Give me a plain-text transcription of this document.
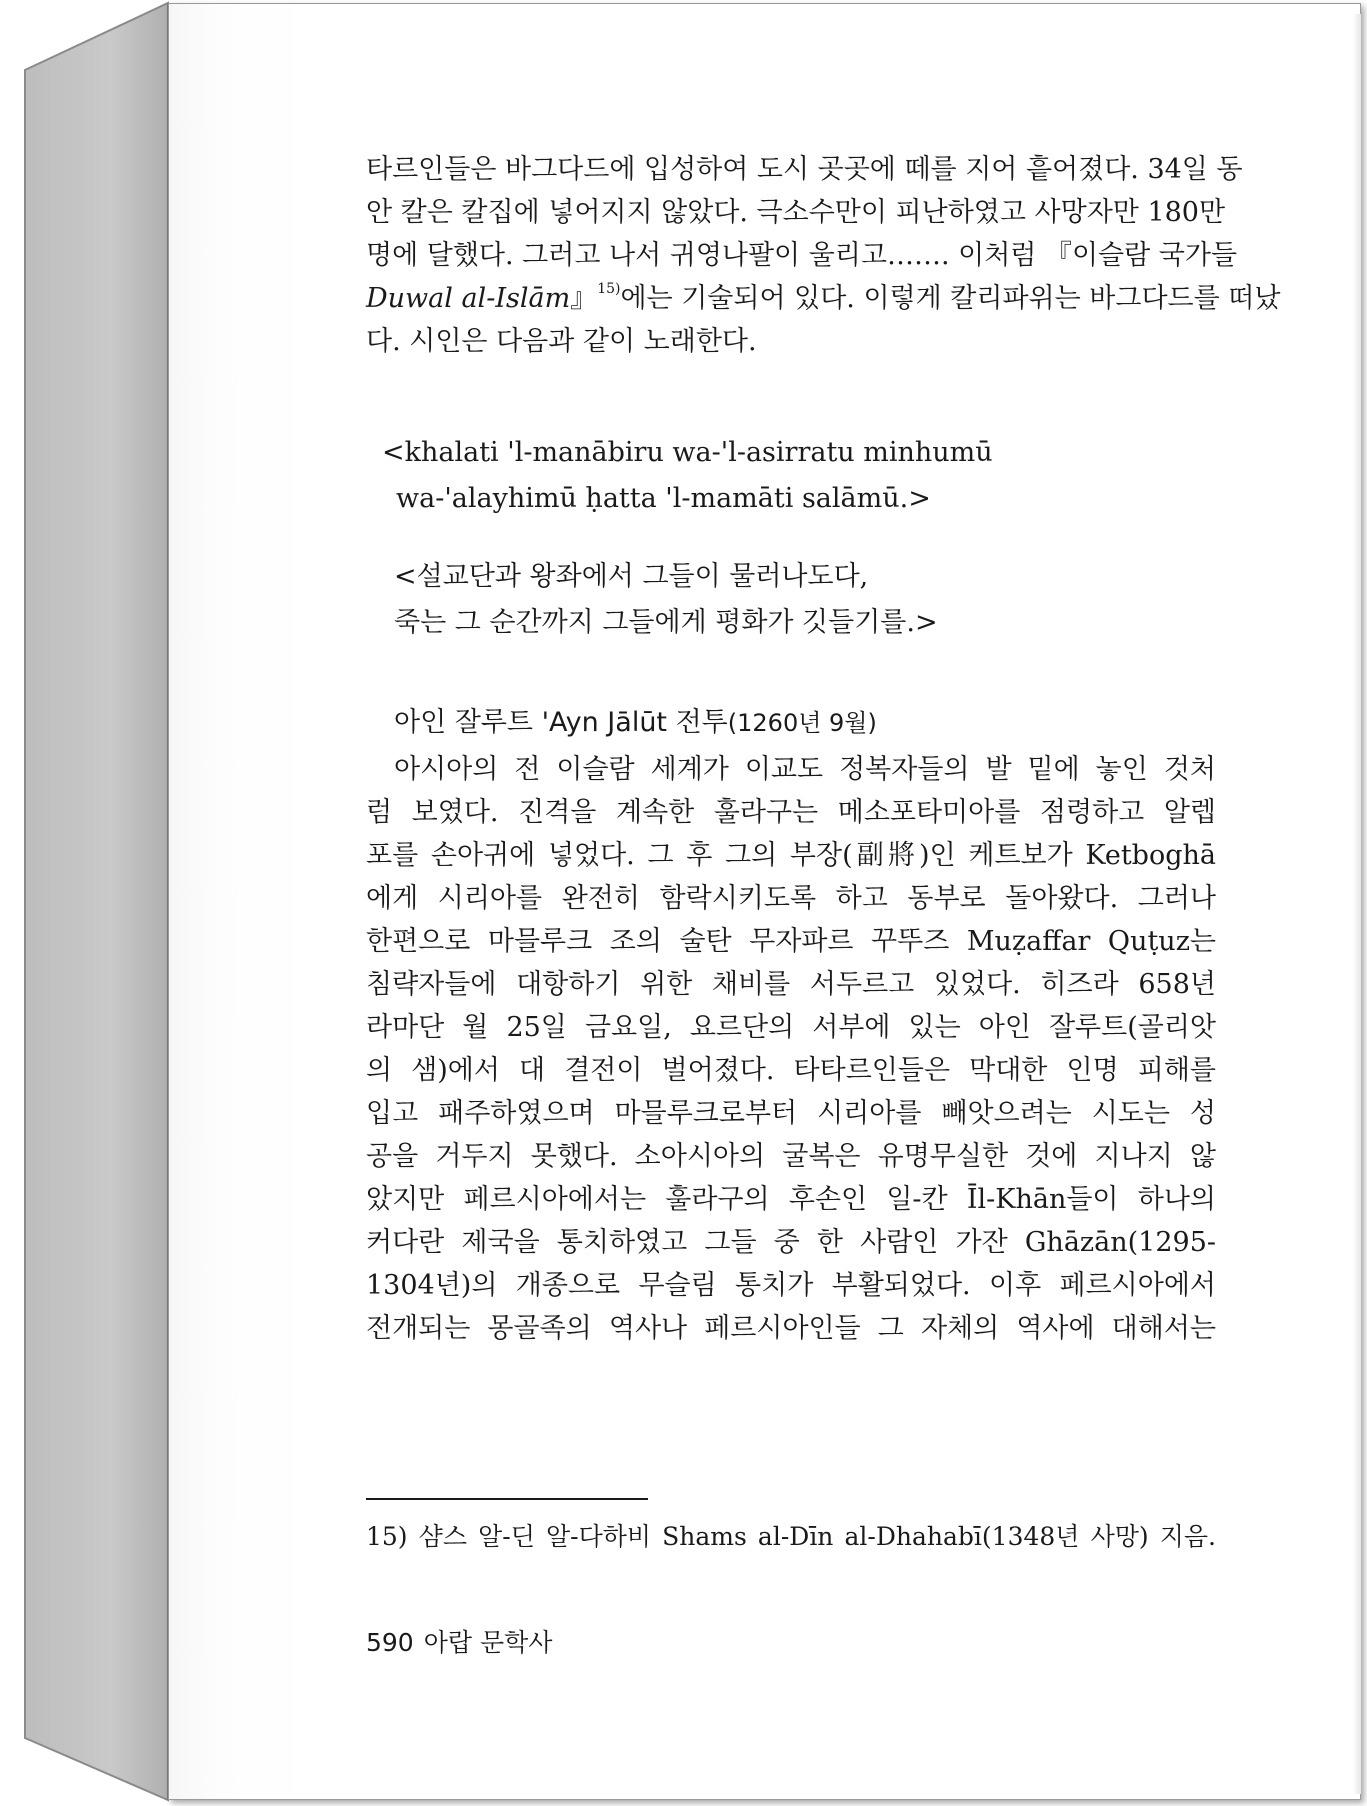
타르인들은 바그다드에 입성하여 도시 곳곳에 떼를 지어 흩어졌다. 34일 동
안 칼은 칼집에 넣어지지 않았다. 극소수만이 피난하였고 사망자만 180만
명에 달했다. 그러고 나서 귀영나팔이 울리고……. 이처럼 『이슬람 국가들
Duwal al-Islām』$^{15)}$에는 기술되어 있다. 이렇게 칼리파위는 바그다드를 떠났
다. 시인은 다음과 같이 노래한다.
<khalati 'l-manābiru wa-'l-asirratu minhumū
wa-'alayhimū ḥatta 'l-mamāti salāmū.>
<설교단과 왕좌에서 그들이 물러나도다,
죽는 그 순간까지 그들에게 평화가 깃들기를.>
아인 잘루트 'Ayn Jālūt 전투(1260년 9월)
아시아의 전 이슬람 세계가 이교도 정복자들의 발 밑에 놓인 것처
럼 보였다. 진격을 계속한 훌라구는 메소포타미아를 점령하고 알렙
포를 손아귀에 넣었다. 그 후 그의 부장(副將)인 케트보가 Ketboghā
에게 시리아를 완전히 함락시키도록 하고 동부로 돌아왔다. 그러나
한편으로 마믈루크 조의 술탄 무자파르 꾸뚜즈 Muẓaffar Quṭuz는
침략자들에 대항하기 위한 채비를 서두르고 있었다. 히즈라 658년
라마단 월 25일 금요일, 요르단의 서부에 있는 아인 잘루트(골리앗
의 샘)에서 대 결전이 벌어졌다. 타타르인들은 막대한 인명 피해를
입고 패주하였으며 마믈루크로부터 시리아를 빼앗으려는 시도는 성
공을 거두지 못했다. 소아시아의 굴복은 유명무실한 것에 지나지 않
았지만 페르시아에서는 훌라구의 후손인 일-칸 Īl-Khān들이 하나의
커다란 제국을 통치하였고 그들 중 한 사람인 가잔 Ghāzān(1295-
1304년)의 개종으로 무슬림 통치가 부활되었다. 이후 페르시아에서
전개되는 몽골족의 역사나 페르시아인들 그 자체의 역사에 대해서는
15) 샴스 알-딘 알-다하비 Shams al-Dīn al-Dhahabī(1348년 사망) 지음.
590 아랍 문학사
